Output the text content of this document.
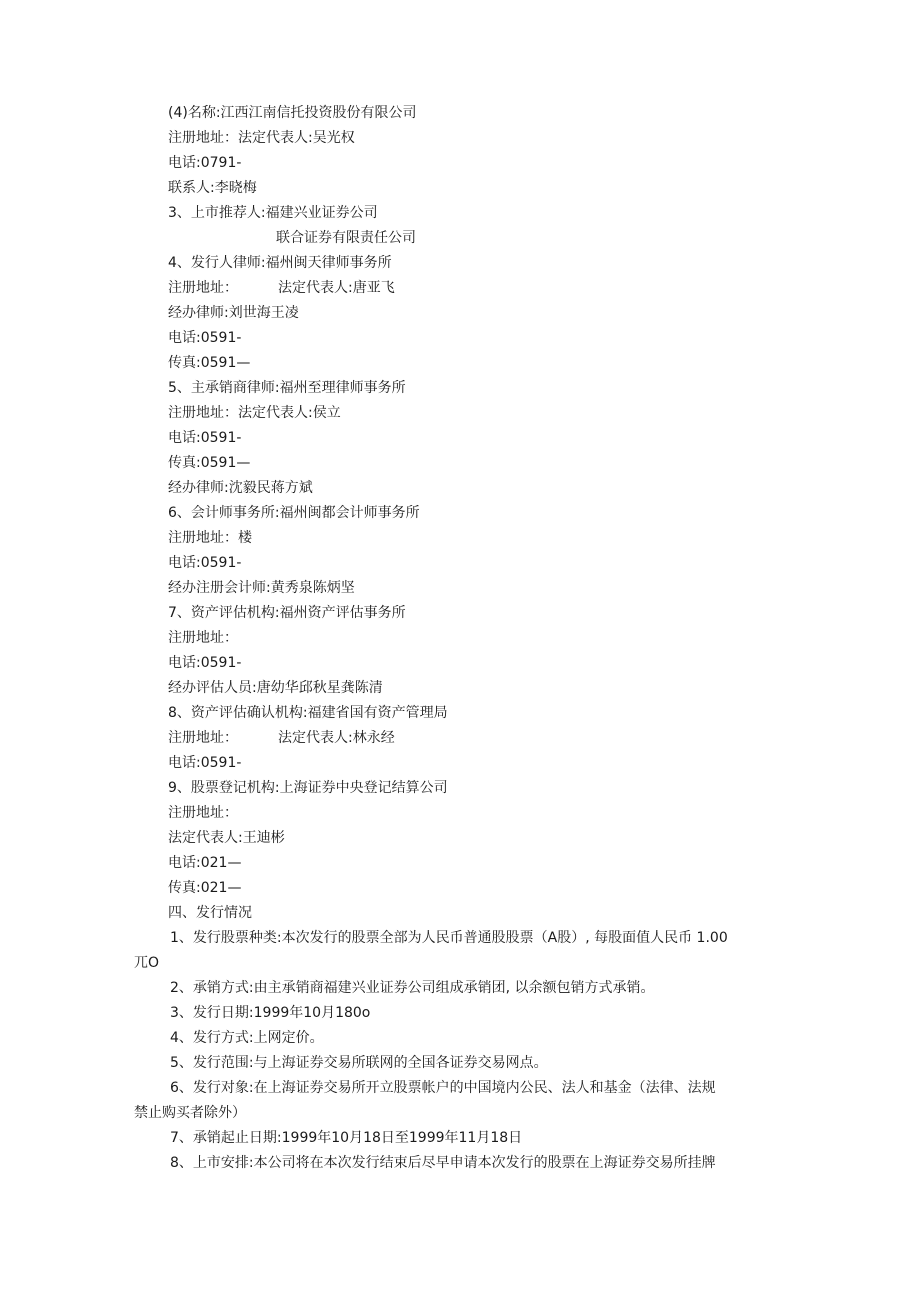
(4)名称:江西江南信托投资股份有限公司
注册地址：法定代表人:吴光权
电话:0791-
联系人:李晓梅
3、上市推荐人:福建兴业证券公司
联合证券有限责任公司
4、发行人律师:福州闽天律师事务所
注册地址：	法定代表人:唐亚飞
经办律师:刘世海王凌
电话:0591-
传真:0591—
5、主承销商律师:福州至理律师事务所
注册地址：法定代表人:侯立
电话:0591-
传真:0591—
经办律师:沈毅民蒋方斌
6、会计师事务所:福州闽都会计师事务所
注册地址：楼
电话:0591-
经办注册会计师:黄秀泉陈炳坚
7、资产评估机构:福州资产评估事务所
注册地址：
电话:0591-
经办评估人员:唐幼华邱秋星龚陈清
8、资产评估确认机构:福建省国有资产管理局
注册地址：	法定代表人:林永经
电话:0591-
9、股票登记机构:上海证券中央登记结算公司
注册地址：
法定代表人:王迪彬
电话:021—
传真:021—
四、发行情况
1、发行股票种类:本次发行的股票全部为人民币普通股股票（A股）, 每股面值人民币 1.00
兀O
2、承销方式:由主承销商福建兴业证券公司组成承销团, 以余额包销方式承销。
3、发行日期:1999年10月180o
4、发行方式:上网定价。
5、发行范围:与上海证券交易所联网的全国各证券交易网点。
6、发行对象:在上海证券交易所开立股票帐户的中国境内公民、法人和基金（法律、法规
禁止购买者除外）
7、承销起止日期:1999年10月18日至1999年11月18日
8、上市安排:本公司将在本次发行结束后尽早申请本次发行的股票在上海证券交易所挂牌
